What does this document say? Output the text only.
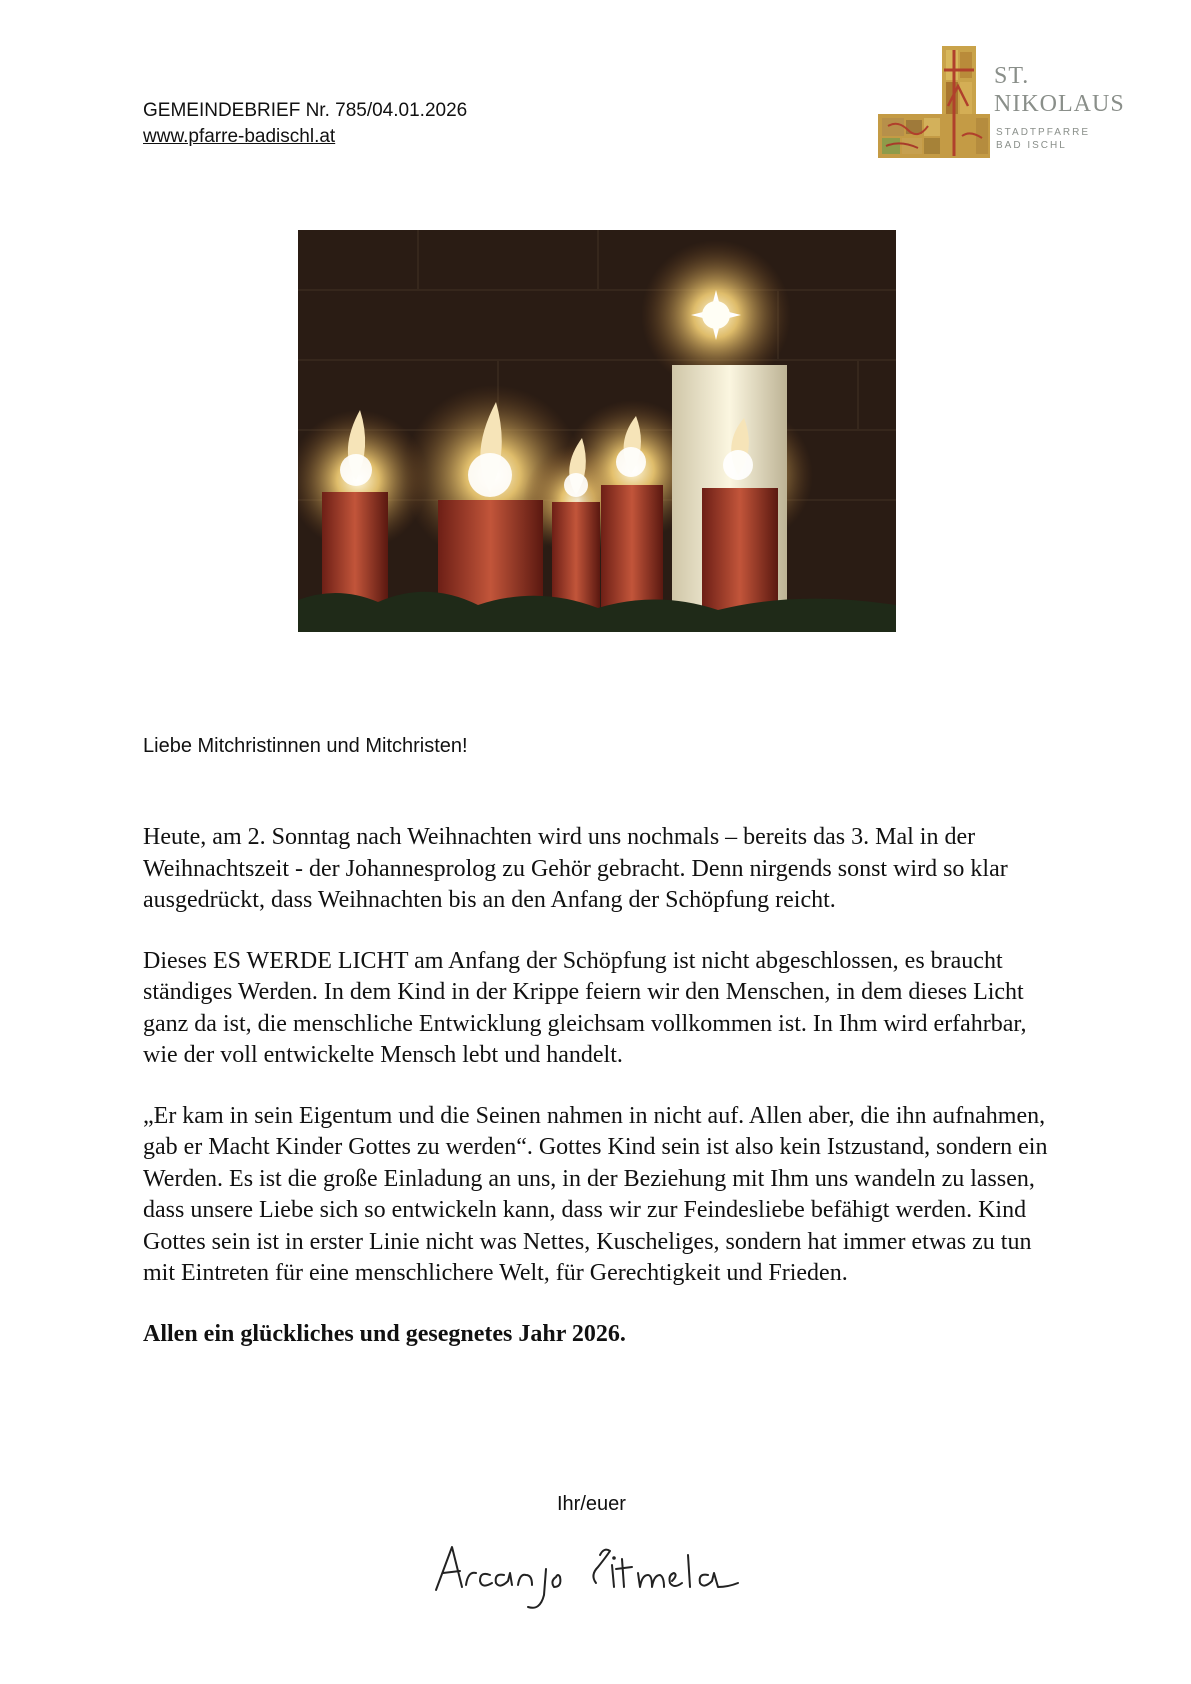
GEMEINDEBRIEF Nr. 785/04.01.2026
www.pfarre-badischl.at
ST.
NIKOLAUS
STADTPFARRE
BAD ISCHL
Liebe Mitchristinnen und Mitchristen!

Heute, am 2. Sonntag nach Weihnachten wird uns nochmals – bereits das 3. Mal in der Weihnachtszeit - der Johannesprolog zu Gehör gebracht. Denn nirgends sonst wird so klar ausgedrückt, dass Weihnachten bis an den Anfang der Schöpfung reicht.

Dieses ES WERDE LICHT am Anfang der Schöpfung ist nicht abgeschlossen, es braucht ständiges Werden. In dem Kind in der Krippe feiern wir den Menschen, in dem dieses Licht ganz da ist, die menschliche Entwicklung gleichsam vollkommen ist. In Ihm wird erfahrbar, wie der voll entwickelte Mensch lebt und handelt.

„Er kam in sein Eigentum und die Seinen nahmen in nicht auf. Allen aber, die ihn aufnahmen, gab er Macht Kinder Gottes zu werden“. Gottes Kind sein ist also kein Istzustand, sondern ein Werden. Es ist die große Einladung an uns, in der Beziehung mit Ihm uns wandeln zu lassen, dass unsere Liebe sich so entwickeln kann, dass wir zur Feindesliebe befähigt werden. Kind Gottes sein ist in erster Linie nicht was Nettes, Kuscheliges, sondern hat immer etwas zu tun mit Eintreten für eine menschlichere Welt, für Gerechtigkeit und Frieden.

Allen ein glückliches und gesegnetes Jahr 2026.

Ihr/euer
